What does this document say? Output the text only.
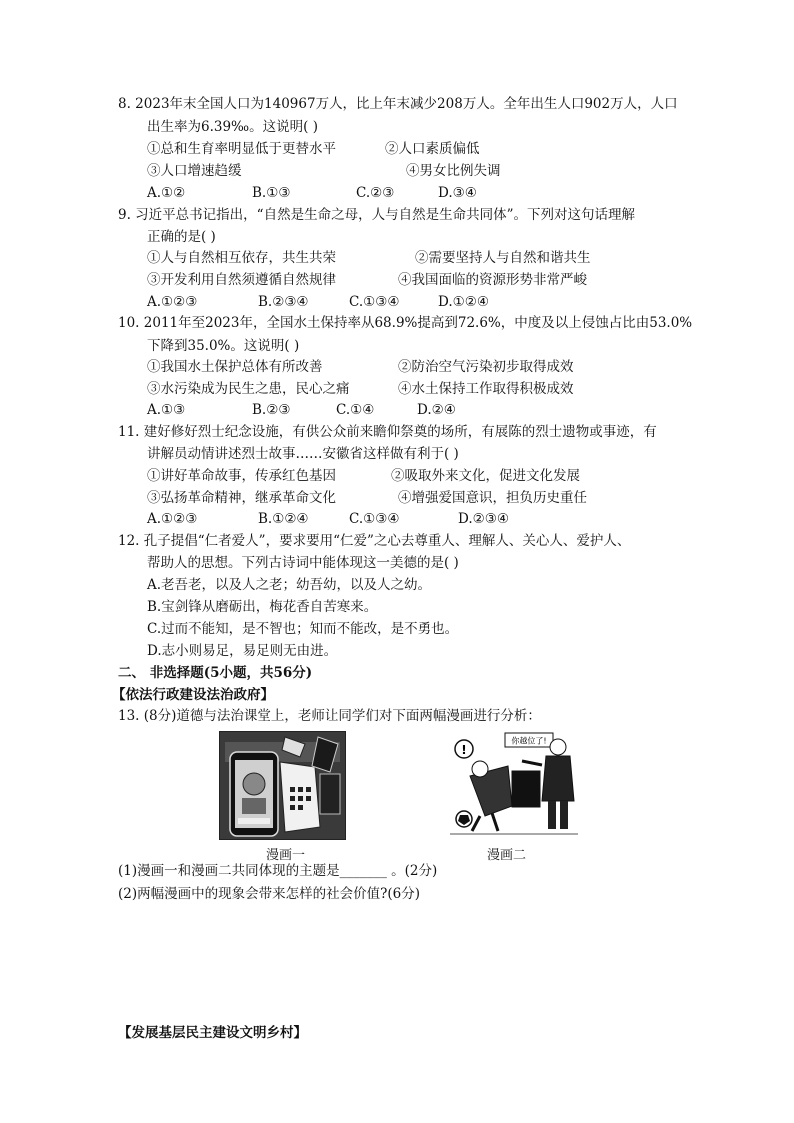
8. 2023年末全国人口为140967万人，比上年末减少208万人。全年出生人口902万人，人口
出生率为6.39‰。这说明( )
①总和生育率明显低于更替水平	②人口素质偏低
③人口增速趋缓	④男女比例失调
A.①②	B.①③	C.②③	D.③④
9. 习近平总书记指出，“自然是生命之母，人与自然是生命共同体”。下列对这句话理解
正确的是( )
①人与自然相互依存，共生共荣	②需要坚持人与自然和谐共生
③开发利用自然须遵循自然规律	④我国面临的资源形势非常严峻
A.①②③	B.②③④	C.①③④	D.①②④
10. 2011年至2023年，全国水土保持率从68.9%提高到72.6%，中度及以上侵蚀占比由53.0%
下降到35.0%。这说明( )
①我国水土保护总体有所改善	②防治空气污染初步取得成效
③水污染成为民生之患，民心之痛	④水土保持工作取得积极成效
A.①③	B.②③	C.①④	D.②④
11. 建好修好烈士纪念设施，有供公众前来瞻仰祭奠的场所，有展陈的烈士遗物或事迹，有
讲解员动情讲述烈士故事……安徽省这样做有利于( )
①讲好革命故事，传承红色基因	②吸取外来文化，促进文化发展
③弘扬革命精神，继承革命文化	④增强爱国意识，担负历史重任
A.①②③	B.①②④	C.①③④	D.②③④
12. 孔子提倡“仁者爱人”，要求要用“仁爱”之心去尊重人、理解人、关心人、爱护人、
帮助人的思想。下列古诗词中能体现这一美德的是( )
A.老吾老，以及人之老；幼吾幼，以及人之幼。
B.宝剑锋从磨砺出，梅花香自苦寒来。
C.过而不能知，是不智也；知而不能改，是不勇也。
D.志小则易足，易足则无由进。
二、 非选择题(5小题，共56分)
【依法行政建设法治政府】
13. (8分)道德与法治课堂上，老师让同学们对下面两幅漫画进行分析：
你越位了!
!
漫画一	漫画二
(1)漫画一和漫画二共同体现的主题是_______ 。(2分)
(2)两幅漫画中的现象会带来怎样的社会价值?(6分)
【发展基层民主建设文明乡村】
